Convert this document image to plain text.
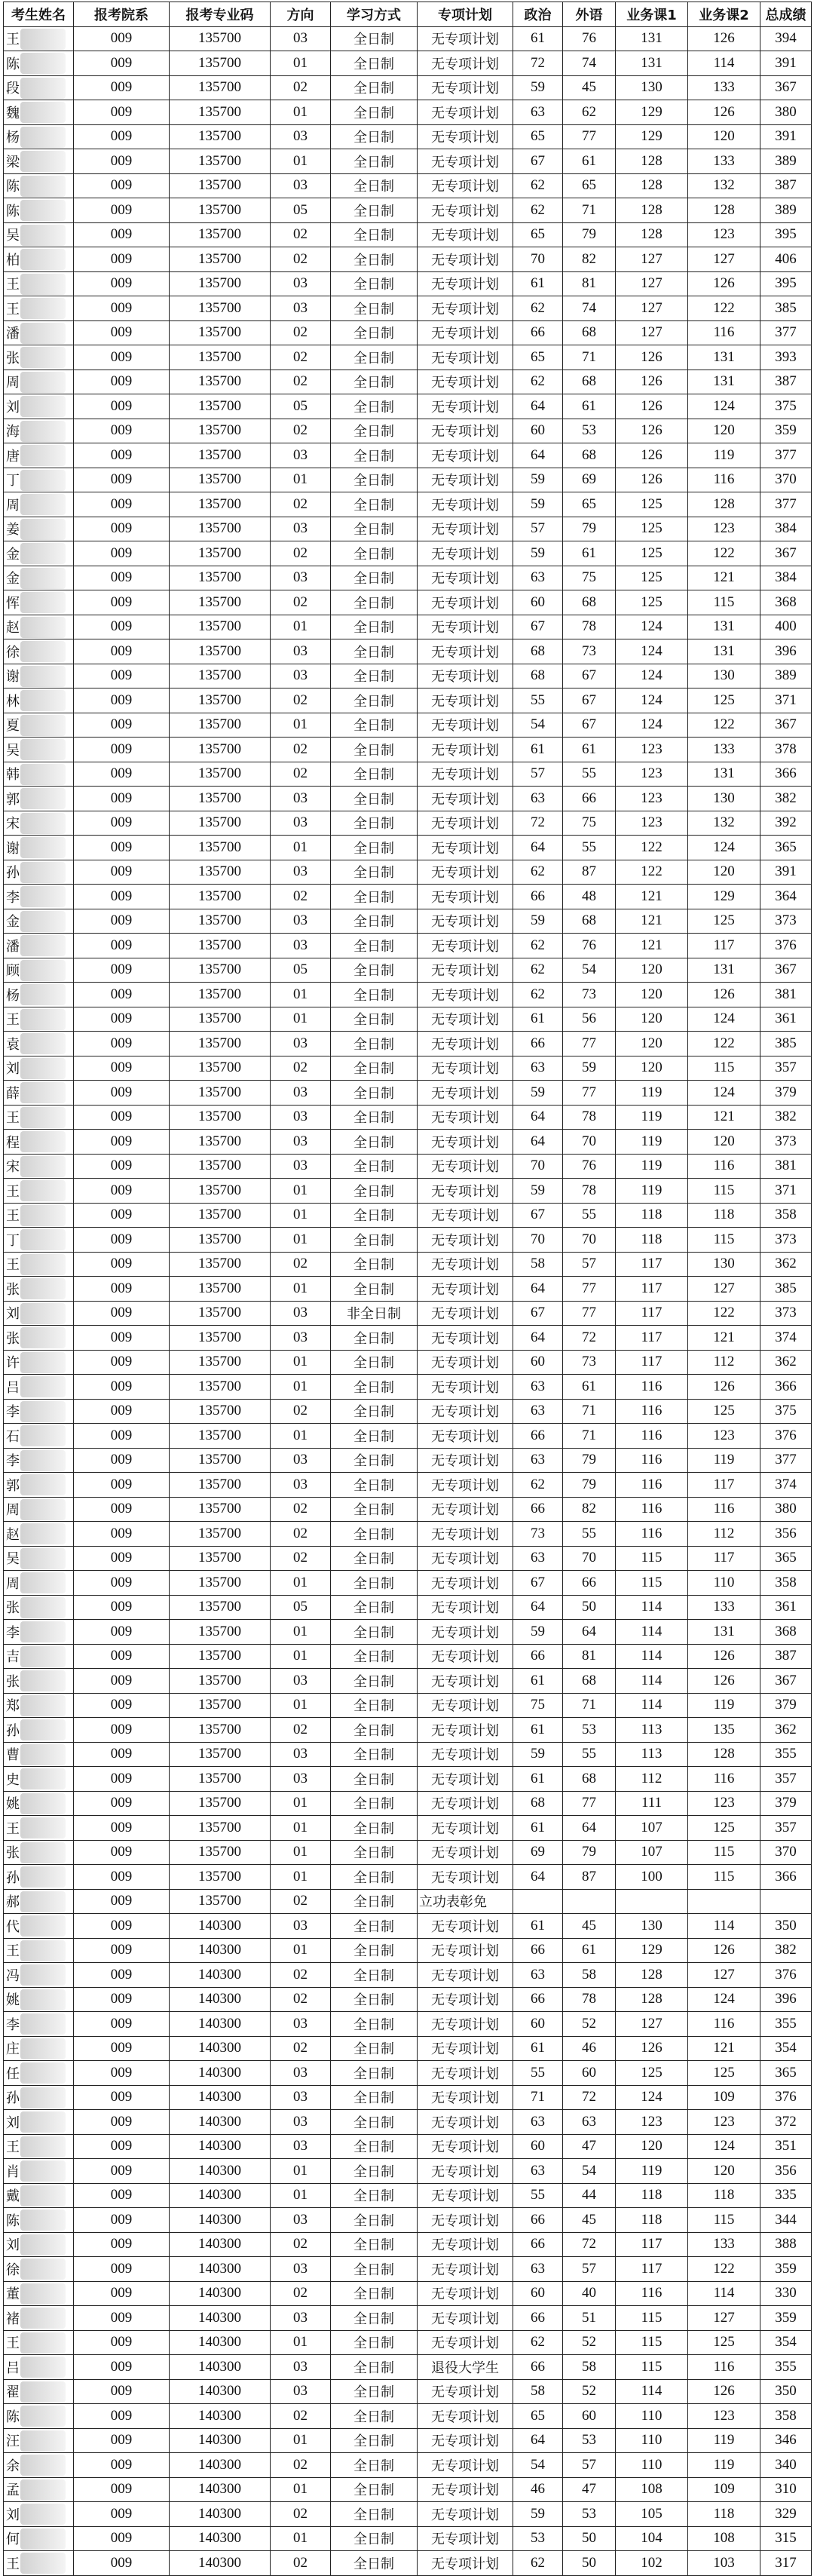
考生姓名	报考院系	报考专业码	方向	学习方式	专项计划	政治	外语	业务课1	业务课2	总成绩
王	009	135700	03	全日制	无专项计划	61	76	131	126	394
陈	009	135700	01	全日制	无专项计划	72	74	131	114	391
段	009	135700	02	全日制	无专项计划	59	45	130	133	367
魏	009	135700	01	全日制	无专项计划	63	62	129	126	380
杨	009	135700	03	全日制	无专项计划	65	77	129	120	391
梁	009	135700	01	全日制	无专项计划	67	61	128	133	389
陈	009	135700	03	全日制	无专项计划	62	65	128	132	387
陈	009	135700	05	全日制	无专项计划	62	71	128	128	389
吴	009	135700	02	全日制	无专项计划	65	79	128	123	395
柏	009	135700	02	全日制	无专项计划	70	82	127	127	406
王	009	135700	03	全日制	无专项计划	61	81	127	126	395
王	009	135700	03	全日制	无专项计划	62	74	127	122	385
潘	009	135700	02	全日制	无专项计划	66	68	127	116	377
张	009	135700	02	全日制	无专项计划	65	71	126	131	393
周	009	135700	02	全日制	无专项计划	62	68	126	131	387
刘	009	135700	05	全日制	无专项计划	64	61	126	124	375
海	009	135700	02	全日制	无专项计划	60	53	126	120	359
唐	009	135700	03	全日制	无专项计划	64	68	126	119	377
丁	009	135700	01	全日制	无专项计划	59	69	126	116	370
周	009	135700	02	全日制	无专项计划	59	65	125	128	377
姜	009	135700	03	全日制	无专项计划	57	79	125	123	384
金	009	135700	02	全日制	无专项计划	59	61	125	122	367
金	009	135700	03	全日制	无专项计划	63	75	125	121	384
恽	009	135700	02	全日制	无专项计划	60	68	125	115	368
赵	009	135700	01	全日制	无专项计划	67	78	124	131	400
徐	009	135700	03	全日制	无专项计划	68	73	124	131	396
谢	009	135700	03	全日制	无专项计划	68	67	124	130	389
林	009	135700	02	全日制	无专项计划	55	67	124	125	371
夏	009	135700	01	全日制	无专项计划	54	67	124	122	367
吴	009	135700	02	全日制	无专项计划	61	61	123	133	378
韩	009	135700	02	全日制	无专项计划	57	55	123	131	366
郭	009	135700	03	全日制	无专项计划	63	66	123	130	382
宋	009	135700	03	全日制	无专项计划	72	75	123	132	392
谢	009	135700	01	全日制	无专项计划	64	55	122	124	365
孙	009	135700	03	全日制	无专项计划	62	87	122	120	391
李	009	135700	02	全日制	无专项计划	66	48	121	129	364
金	009	135700	03	全日制	无专项计划	59	68	121	125	373
潘	009	135700	03	全日制	无专项计划	62	76	121	117	376
顾	009	135700	05	全日制	无专项计划	62	54	120	131	367
杨	009	135700	01	全日制	无专项计划	62	73	120	126	381
王	009	135700	01	全日制	无专项计划	61	56	120	124	361
袁	009	135700	03	全日制	无专项计划	66	77	120	122	385
刘	009	135700	02	全日制	无专项计划	63	59	120	115	357
薛	009	135700	03	全日制	无专项计划	59	77	119	124	379
王	009	135700	03	全日制	无专项计划	64	78	119	121	382
程	009	135700	03	全日制	无专项计划	64	70	119	120	373
宋	009	135700	03	全日制	无专项计划	70	76	119	116	381
王	009	135700	01	全日制	无专项计划	59	78	119	115	371
王	009	135700	01	全日制	无专项计划	67	55	118	118	358
丁	009	135700	01	全日制	无专项计划	70	70	118	115	373
王	009	135700	02	全日制	无专项计划	58	57	117	130	362
张	009	135700	01	全日制	无专项计划	64	77	117	127	385
刘	009	135700	03	非全日制	无专项计划	67	77	117	122	373
张	009	135700	03	全日制	无专项计划	64	72	117	121	374
许	009	135700	01	全日制	无专项计划	60	73	117	112	362
吕	009	135700	01	全日制	无专项计划	63	61	116	126	366
李	009	135700	02	全日制	无专项计划	63	71	116	125	375
石	009	135700	01	全日制	无专项计划	66	71	116	123	376
李	009	135700	03	全日制	无专项计划	63	79	116	119	377
郭	009	135700	03	全日制	无专项计划	62	79	116	117	374
周	009	135700	02	全日制	无专项计划	66	82	116	116	380
赵	009	135700	02	全日制	无专项计划	73	55	116	112	356
吴	009	135700	02	全日制	无专项计划	63	70	115	117	365
周	009	135700	01	全日制	无专项计划	67	66	115	110	358
张	009	135700	05	全日制	无专项计划	64	50	114	133	361
李	009	135700	01	全日制	无专项计划	59	64	114	131	368
吉	009	135700	01	全日制	无专项计划	66	81	114	126	387
张	009	135700	03	全日制	无专项计划	61	68	114	126	367
郑	009	135700	01	全日制	无专项计划	75	71	114	119	379
孙	009	135700	02	全日制	无专项计划	61	53	113	135	362
曹	009	135700	03	全日制	无专项计划	59	55	113	128	355
史	009	135700	03	全日制	无专项计划	61	68	112	116	357
姚	009	135700	01	全日制	无专项计划	68	77	111	123	379
王	009	135700	01	全日制	无专项计划	61	64	107	125	357
张	009	135700	01	全日制	无专项计划	69	79	107	115	370
孙	009	135700	01	全日制	无专项计划	64	87	100	115	366
郝	009	135700	02	全日制	立功表彰免					
代	009	140300	03	全日制	无专项计划	61	45	130	114	350
王	009	140300	01	全日制	无专项计划	66	61	129	126	382
冯	009	140300	02	全日制	无专项计划	63	58	128	127	376
姚	009	140300	02	全日制	无专项计划	66	78	128	124	396
李	009	140300	03	全日制	无专项计划	60	52	127	116	355
庄	009	140300	02	全日制	无专项计划	61	46	126	121	354
任	009	140300	03	全日制	无专项计划	55	60	125	125	365
孙	009	140300	03	全日制	无专项计划	71	72	124	109	376
刘	009	140300	03	全日制	无专项计划	63	63	123	123	372
王	009	140300	03	全日制	无专项计划	60	47	120	124	351
肖	009	140300	01	全日制	无专项计划	63	54	119	120	356
戴	009	140300	01	全日制	无专项计划	55	44	118	118	335
陈	009	140300	03	全日制	无专项计划	66	45	118	115	344
刘	009	140300	02	全日制	无专项计划	66	72	117	133	388
徐	009	140300	03	全日制	无专项计划	63	57	117	122	359
董	009	140300	02	全日制	无专项计划	60	40	116	114	330
褚	009	140300	03	全日制	无专项计划	66	51	115	127	359
王	009	140300	01	全日制	无专项计划	62	52	115	125	354
吕	009	140300	03	全日制	退役大学生	66	58	115	116	355
翟	009	140300	03	全日制	无专项计划	58	52	114	126	350
陈	009	140300	02	全日制	无专项计划	65	60	110	123	358
汪	009	140300	01	全日制	无专项计划	64	53	110	119	346
余	009	140300	02	全日制	无专项计划	54	57	110	119	340
孟	009	140300	01	全日制	无专项计划	46	47	108	109	310
刘	009	140300	02	全日制	无专项计划	59	53	105	118	329
何	009	140300	01	全日制	无专项计划	53	50	104	108	315
王	009	140300	02	全日制	无专项计划	62	50	102	103	317
